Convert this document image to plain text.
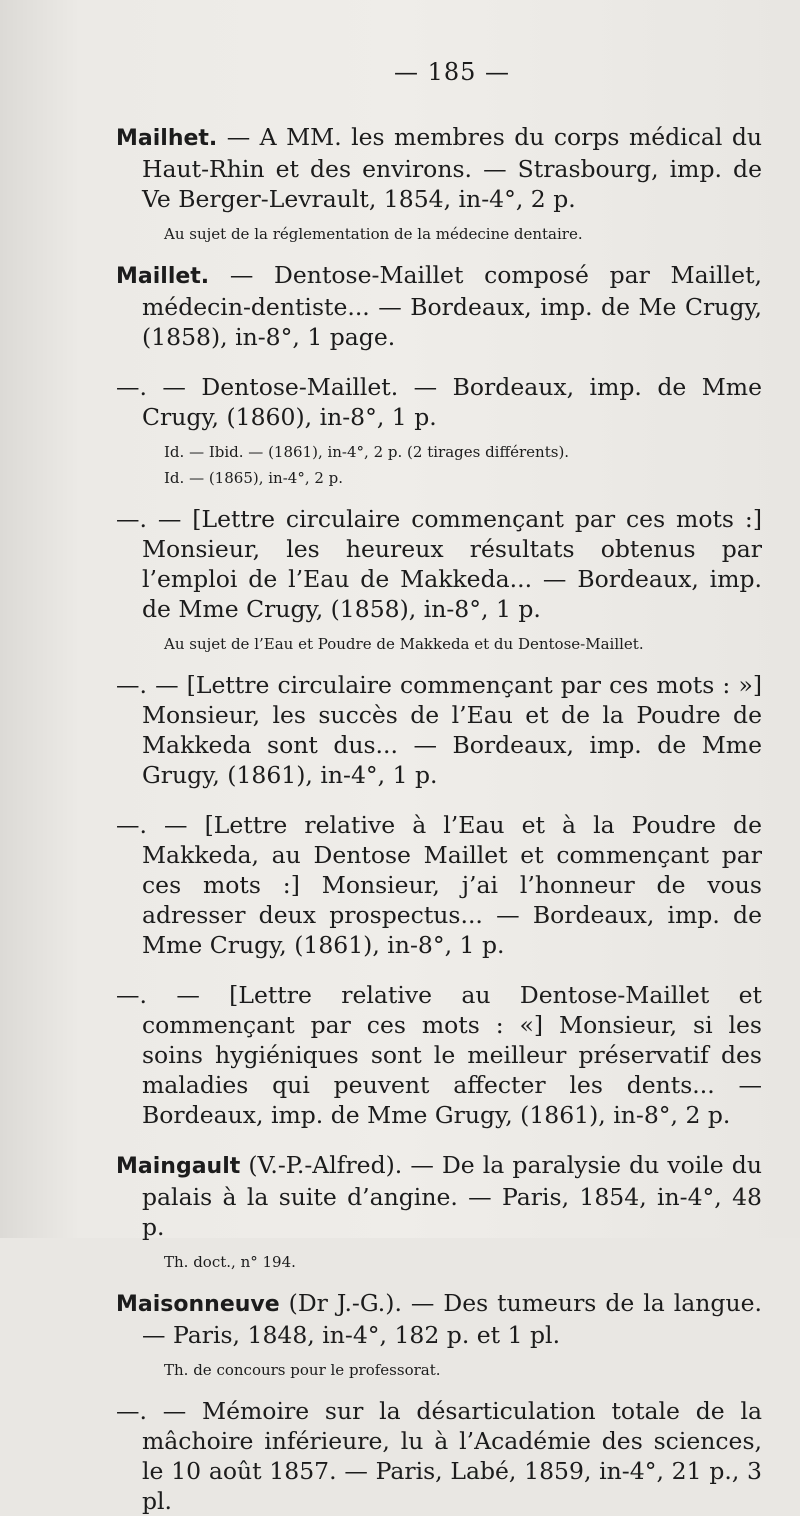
— 185 —
Mailhet. — A MM. les membres du corps médical du Haut-Rhin et des environs. — Strasbourg, imp. de Ve Berger-Levrault, 1854, in-4°, 2 p.
Au sujet de la réglementation de la médecine dentaire.
Maillet. — Dentose-Maillet composé par Maillet, médecin-dentiste... — Bordeaux, imp. de Me Crugy, (1858), in-8°, 1 page.
—. — Dentose-Maillet. — Bordeaux, imp. de Mme Crugy, (1860), in-8°, 1 p.
Id. — Ibid. — (1861), in-4°, 2 p. (2 tirages différents).
Id. — (1865), in-4°, 2 p.
—. — [Lettre circulaire commençant par ces mots :] Monsieur, les heureux résultats obtenus par l’emploi de l’Eau de Makkeda... — Bordeaux, imp. de Mme Crugy, (1858), in-8°, 1 p.
Au sujet de l’Eau et Poudre de Makkeda et du Dentose-Maillet.
—. — [Lettre circulaire commençant par ces mots : »] Monsieur, les succès de l’Eau et de la Poudre de Makkeda sont dus... — Bordeaux, imp. de Mme Grugy, (1861), in-4°, 1 p.
—. — [Lettre relative à l’Eau et à la Poudre de Makkeda, au Dentose Maillet et commençant par ces mots :] Monsieur, j’ai l’honneur de vous adresser deux prospectus... — Bordeaux, imp. de Mme Crugy, (1861), in-8°, 1 p.
—. — [Lettre relative au Dentose-Maillet et commençant par ces mots : «] Monsieur, si les soins hygiéniques sont le meilleur préservatif des maladies qui peuvent affecter les dents... — Bordeaux, imp. de Mme Grugy, (1861), in-8°, 2 p.
Maingault (V.-P.-Alfred). — De la paralysie du voile du palais à la suite d’angine. — Paris, 1854, in-4°, 48 p.
Th. doct., n° 194.
Maisonneuve (Dr J.-G.). — Des tumeurs de la langue. — Paris, 1848, in-4°, 182 p. et 1 pl.
Th. de concours pour le professorat.
—. — Mémoire sur la désarticulation totale de la mâchoire inférieure, lu à l’Académie des sciences, le 10 août 1857. — Paris, Labé, 1859, in-4°, 21 p., 3 pl.
